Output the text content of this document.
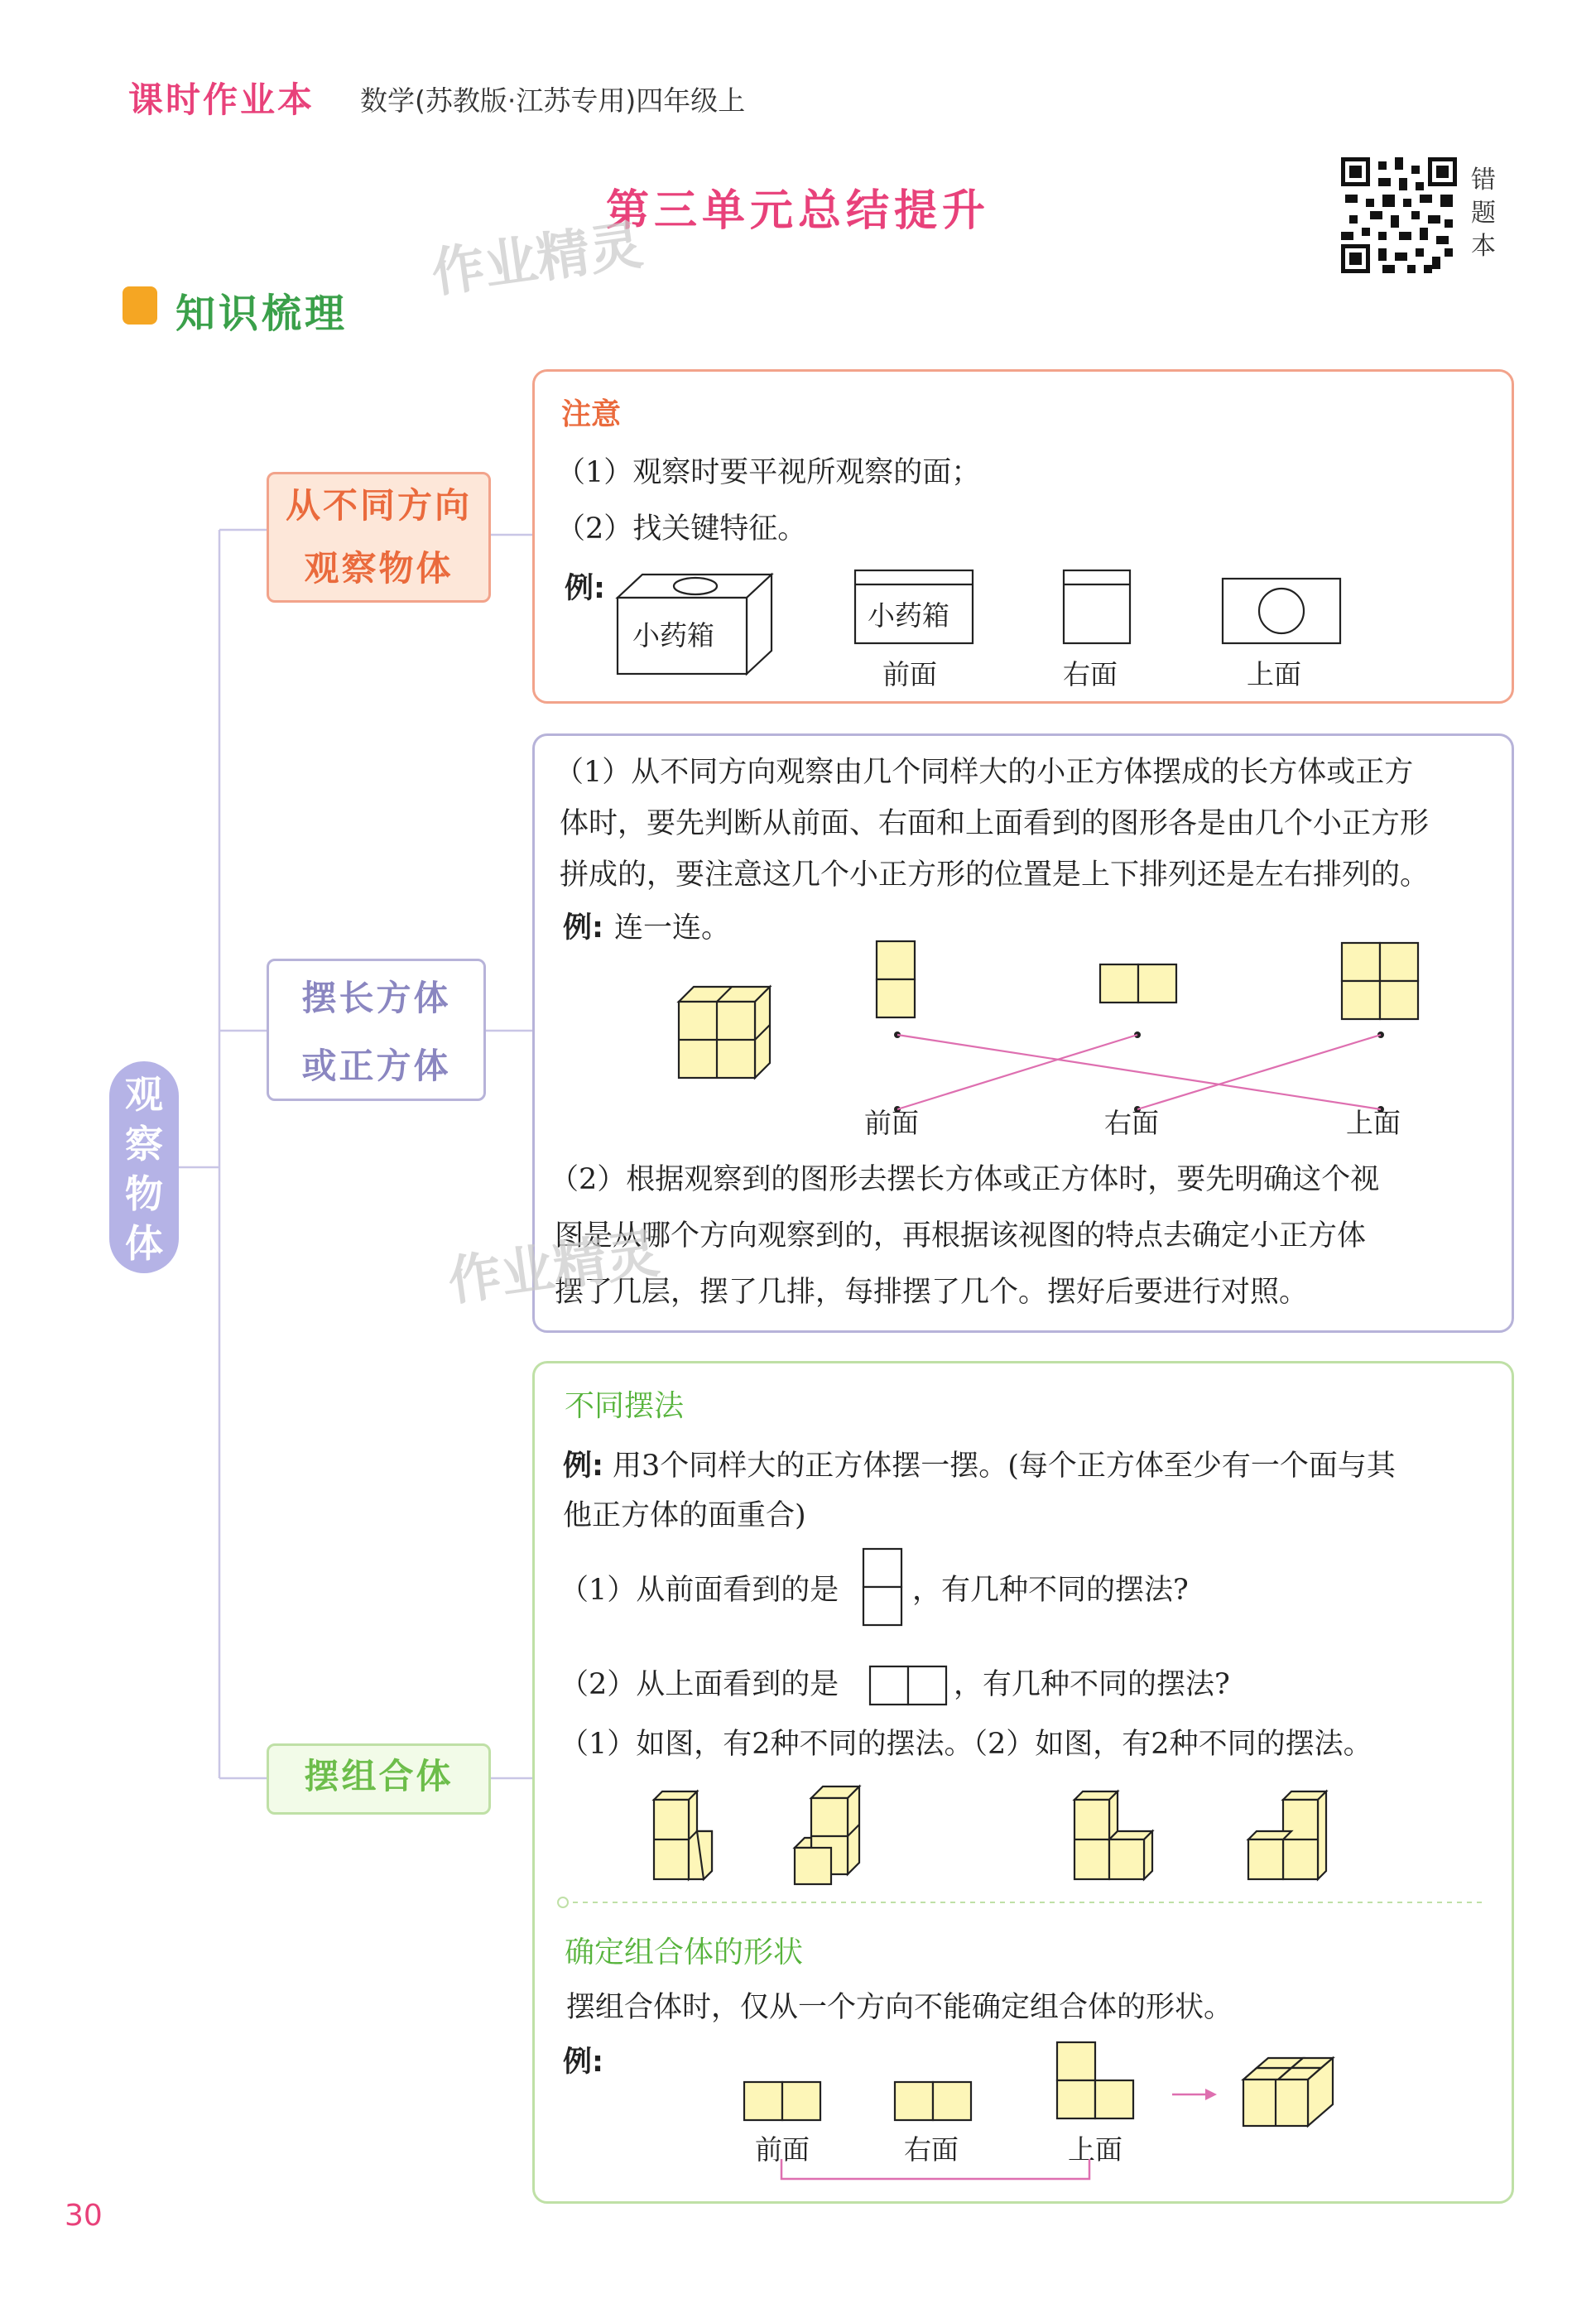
课时作业本 数学(苏教版·江苏专用)四年级上
第三单元总结提升
作业精灵
错题本
知识梳理
观察物体
从不同方向
观察物体
摆长方体
或正方体
摆组合体
注意
（1）观察时要平视所观察的面；
（2）找关键特征。
例:
小药箱
小药箱
前面	右面	上面
（1）从不同方向观察由几个同样大的小正方体摆成的长方体或正方
体时，要先判断从前面、右面和上面看到的图形各是由几个小正方形
拼成的，要注意这几个小正方形的位置是上下排列还是左右排列的。
例: 连一连。
前面	右面	上面
（2）根据观察到的图形去摆长方体或正方体时，要先明确这个视
图是从哪个方向观察到的，再根据该视图的特点去确定小正方体
摆了几层，摆了几排，每排摆了几个。摆好后要进行对照。
作业精灵
不同摆法
例: 用3个同样大的正方体摆一摆。(每个正方体至少有一个面与其
他正方体的面重合)
（1）从前面看到的是	，有几种不同的摆法?
（2）从上面看到的是	，有几种不同的摆法?
（1）如图，有2种不同的摆法。（2）如图，有2种不同的摆法。
确定组合体的形状
摆组合体时，仅从一个方向不能确定组合体的形状。
例:
前面	右面	上面
30
